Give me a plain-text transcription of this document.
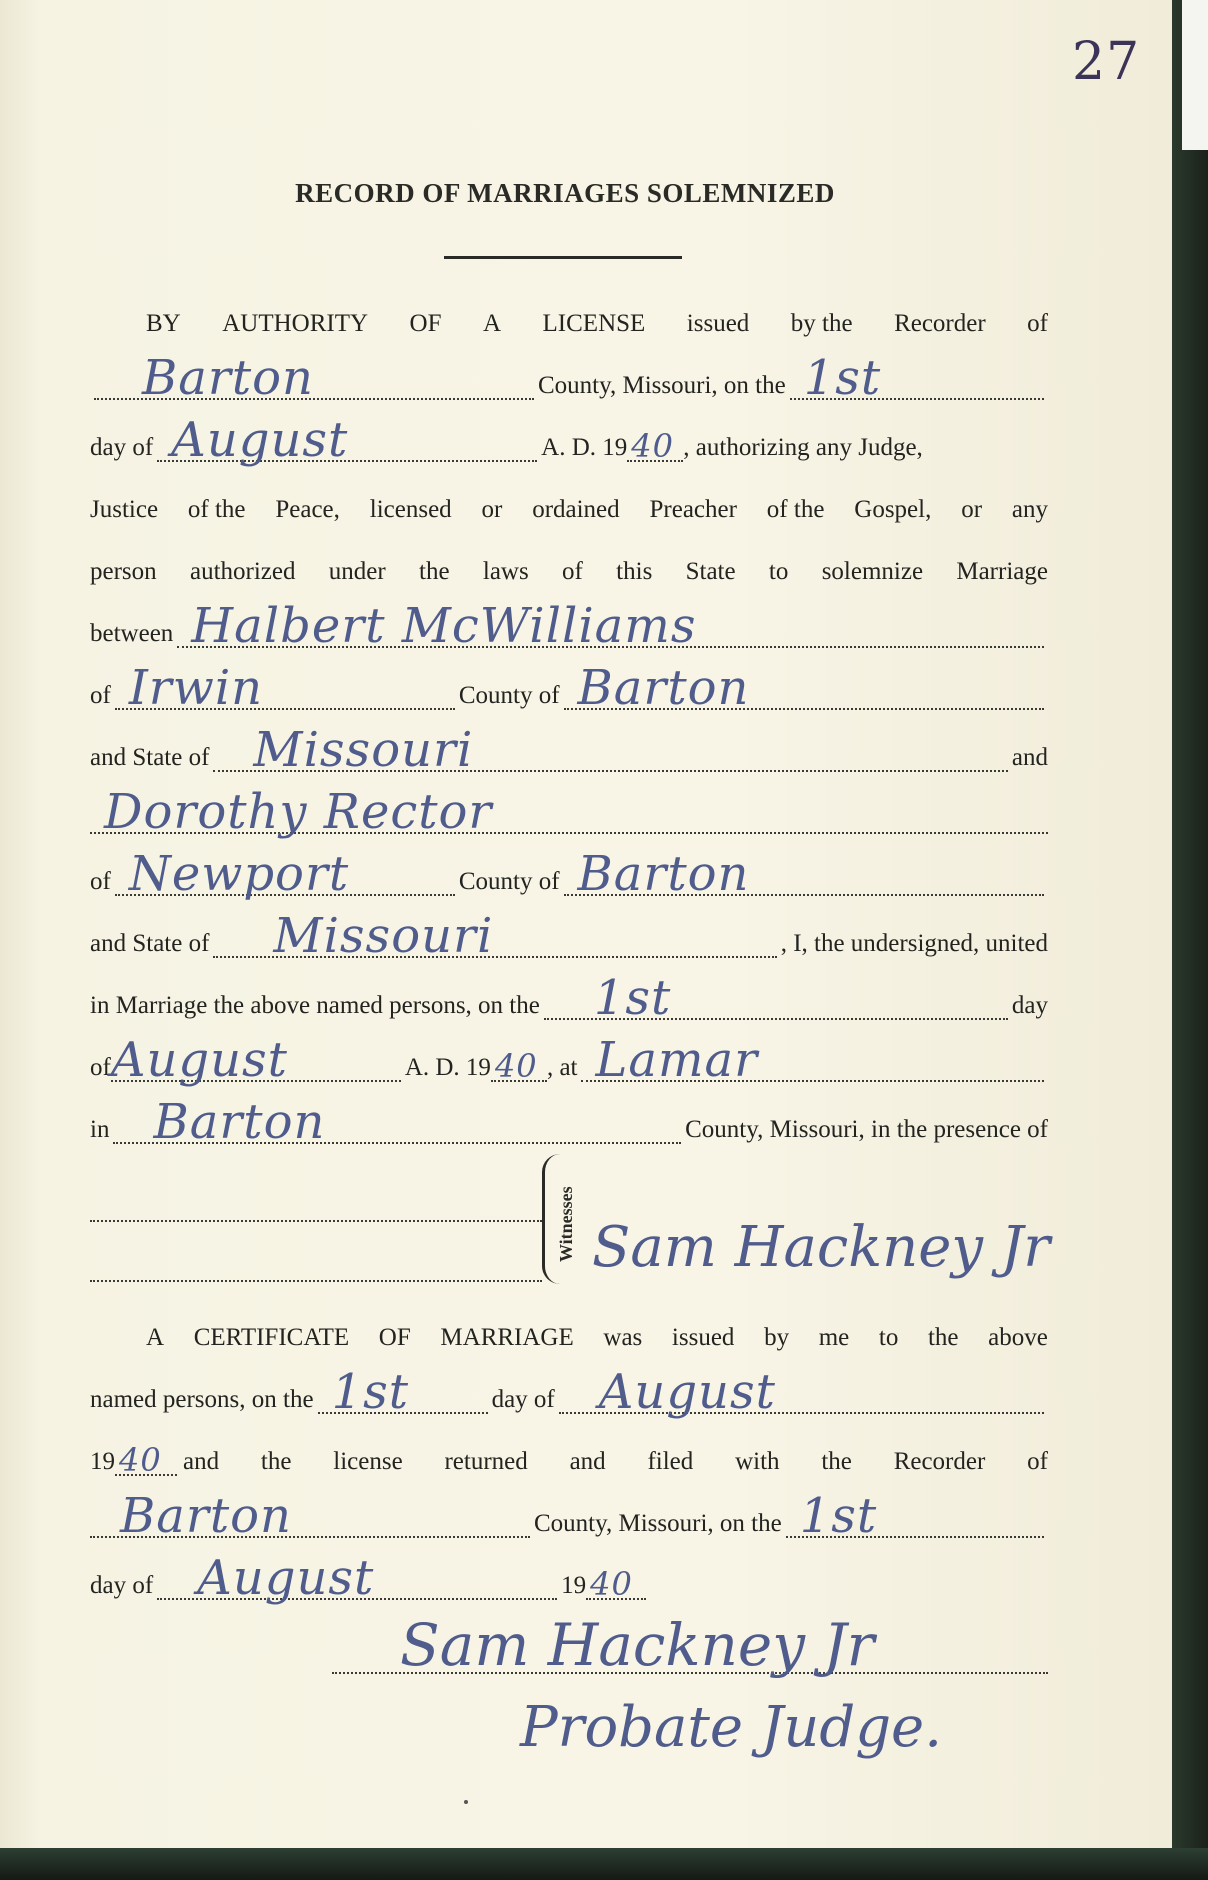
27
RECORD OF MARRIAGES SOLEMNIZED
BY AUTHORITY OF A LICENSE issued by the Recorder of
Barton	County, Missouri, on the 1st
day of August	A. D. 19 40 , authorizing any Judge,
Justice of the Peace, licensed or ordained Preacher of the Gospel, or any
person authorized under the laws of this State to solemnize Marriage
between Halbert McWilliams
of Irwin	County of Barton
and State of Missouri	and
Dorothy Rector
of Newport	County of Barton
and State of Missouri	, I, the undersigned, united
in Marriage the above named persons, on the 1st	day
of August	A. D. 19 40 , at Lamar
in Barton	County, Missouri, in the presence of
Witnesses Sam Hackney Jr
A CERTIFICATE OF MARRIAGE was issued by me to the above
named persons, on the 1st	day of August
19 40 and the license returned and filed with the Recorder of
Barton	County, Missouri, on the 1st
day of August	19 40
Sam Hackney Jr
Probate Judge.
